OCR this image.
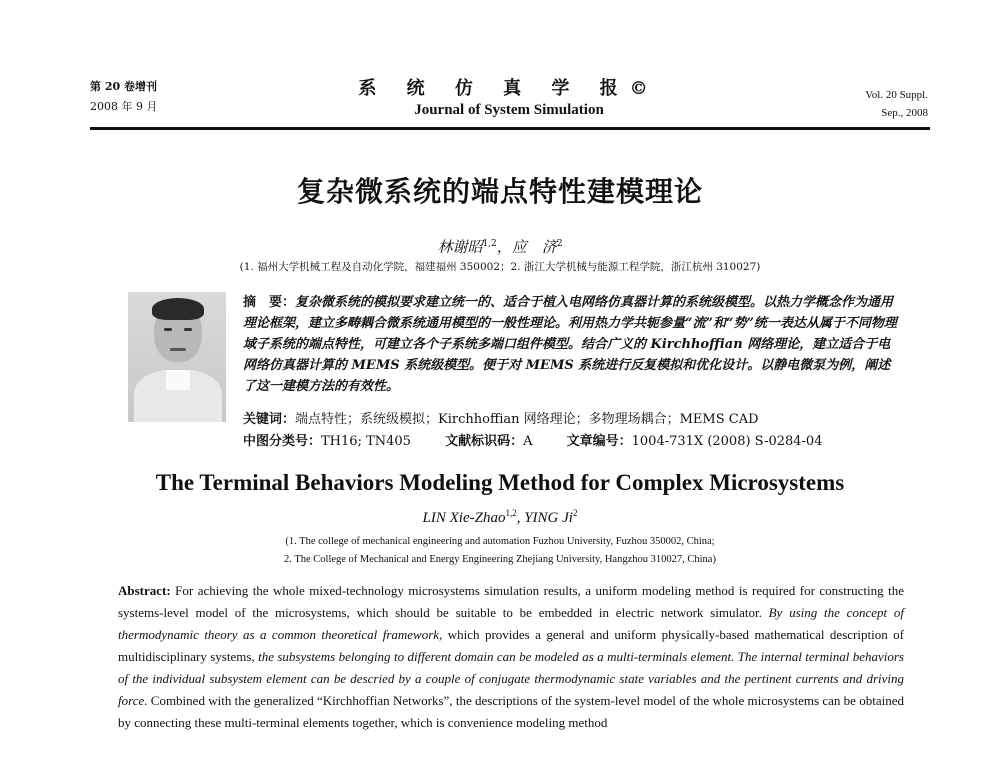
第 20 卷增刊
2008 年 9 月
系 统 仿 真 学 报©
Journal of System Simulation
Vol. 20 Suppl.
Sep., 2008
复杂微系统的端点特性建模理论
林谢昭$^{1,2}$，应　济$^2$
(1. 福州大学机械工程及自动化学院，福建福州 350002；2. 浙江大学机械与能源工程学院，浙江杭州 310027)
摘　要：复杂微系统的模拟要求建立统一的、适合于植入电网络仿真器计算的系统级模型。以热力学概念作为通用理论框架，建立多畴耦合微系统通用模型的一般性理论。利用热力学共轭参量“流”和“势”统一表达从属于不同物理域子系统的端点特性，可建立各个子系统多端口组件模型。结合广义的 Kirchhoffian 网络理论，建立适合于电网络仿真器计算的 MEMS 系统级模型。便于对 MEMS 系统进行反复模拟和优化设计。以静电微泵为例，阐述了这一建模方法的有效性。
关键词：端点特性；系统级模拟；Kirchhoffian 网络理论；多物理场耦合；MEMS CAD
中图分类号：TH16; TN405	文献标识码：A	文章编号：1004-731X (2008) S-0284-04
The Terminal Behaviors Modeling Method for Complex Microsystems
LIN Xie-Zhao$^{1,2}$, YING Ji$^2$
(1. The college of mechanical engineering and automation Fuzhou University, Fuzhou 350002, China;
2. The College of Mechanical and Energy Engineering Zhejiang University, Hangzhou 310027, China)
Abstract: For achieving the whole mixed-technology microsystems simulation results, a uniform modeling method is required for constructing the systems-level model of the microsystems, which should be suitable to be embedded in electric network simulator. By using the concept of thermodynamic theory as a common theoretical framework, which provides a general and uniform physically-based mathematical description of multidisciplinary systems, the subsystems belonging to different domain can be modeled as a multi-terminals element. The internal terminal behaviors of the individual subsystem element can be descried by a couple of conjugate thermodynamic state variables and the pertinent currents and driving force. Combined with the generalized “Kirchhoffian Networks”, the descriptions of the system-level model of the whole microsystems can be obtained by connecting these multi-terminal elements together, which is convenience modeling method
